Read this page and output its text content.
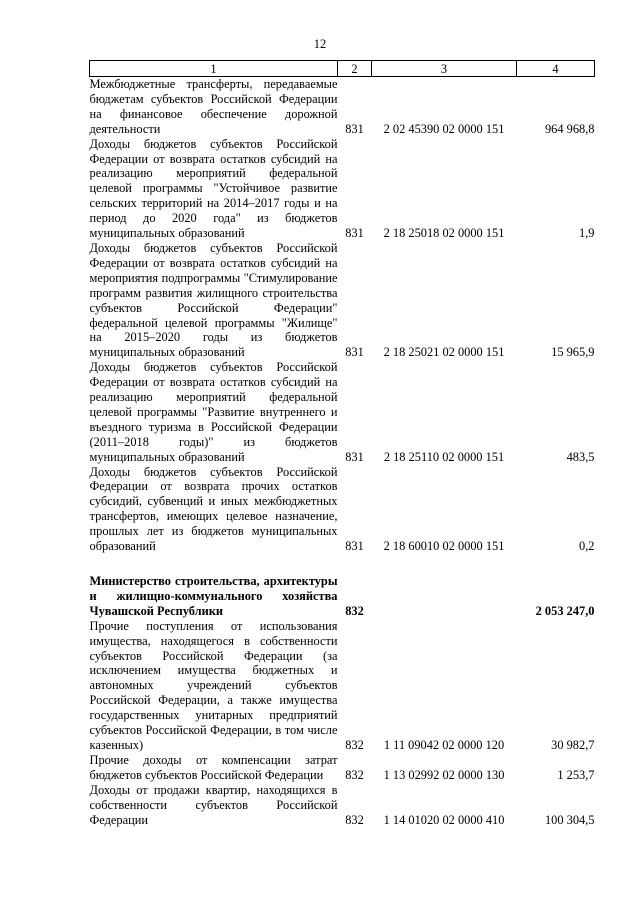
12
1	2	3	4
Межбюджетные трансферты, передаваемые бюджетам субъектов Российской Федерации на финансовое обеспечение дорожной деятельности	831	2 02 45390 02 0000 151	964 968,8
Доходы бюджетов субъектов Российской Федерации от возврата остатков субсидий на реализацию мероприятий федеральной целевой программы "Устойчивое развитие сельских территорий на 2014–2017 годы и на период до 2020 года" из бюджетов муниципальных образований	831	2 18 25018 02 0000 151	1,9
Доходы бюджетов субъектов Российской Федерации от возврата остатков субсидий на мероприятия подпрограммы "Стимулирование программ развития жилищного строительства субъектов Российской Федерации" федеральной целевой программы "Жилище" на 2015–2020 годы из бюджетов муниципальных образований	831	2 18 25021 02 0000 151	15 965,9
Доходы бюджетов субъектов Российской Федерации от возврата остатков субсидий на реализацию мероприятий федеральной целевой программы "Развитие внутреннего и въездного туризма в Российской Федерации (2011–2018 годы)" из бюджетов муниципальных образований	831	2 18 25110 02 0000 151	483,5
Доходы бюджетов субъектов Российской Федерации от возврата прочих остатков субсидий, субвенций и иных межбюджетных трансфертов, имеющих целевое назначение, прошлых лет из бюджетов муниципальных образований	831	2 18 60010 02 0000 151	0,2

Министерство строительства, архитектуры и жилищно-коммунального хозяйства Чувашской Республики	832		2 053 247,0
Прочие поступления от использования имущества, находящегося в собственности субъектов Российской Федерации (за исключением имущества бюджетных и автономных учреждений субъектов Российской Федерации, а также имущества государственных унитарных предприятий субъектов Российской Федерации, в том числе казенных)	832	1 11 09042 02 0000 120	30 982,7
Прочие доходы от компенсации затрат бюджетов субъектов Российской Федерации	832	1 13 02992 02 0000 130	1 253,7
Доходы от продажи квартир, находящихся в собственности субъектов Российской Федерации	832	1 14 01020 02 0000 410	100 304,5
